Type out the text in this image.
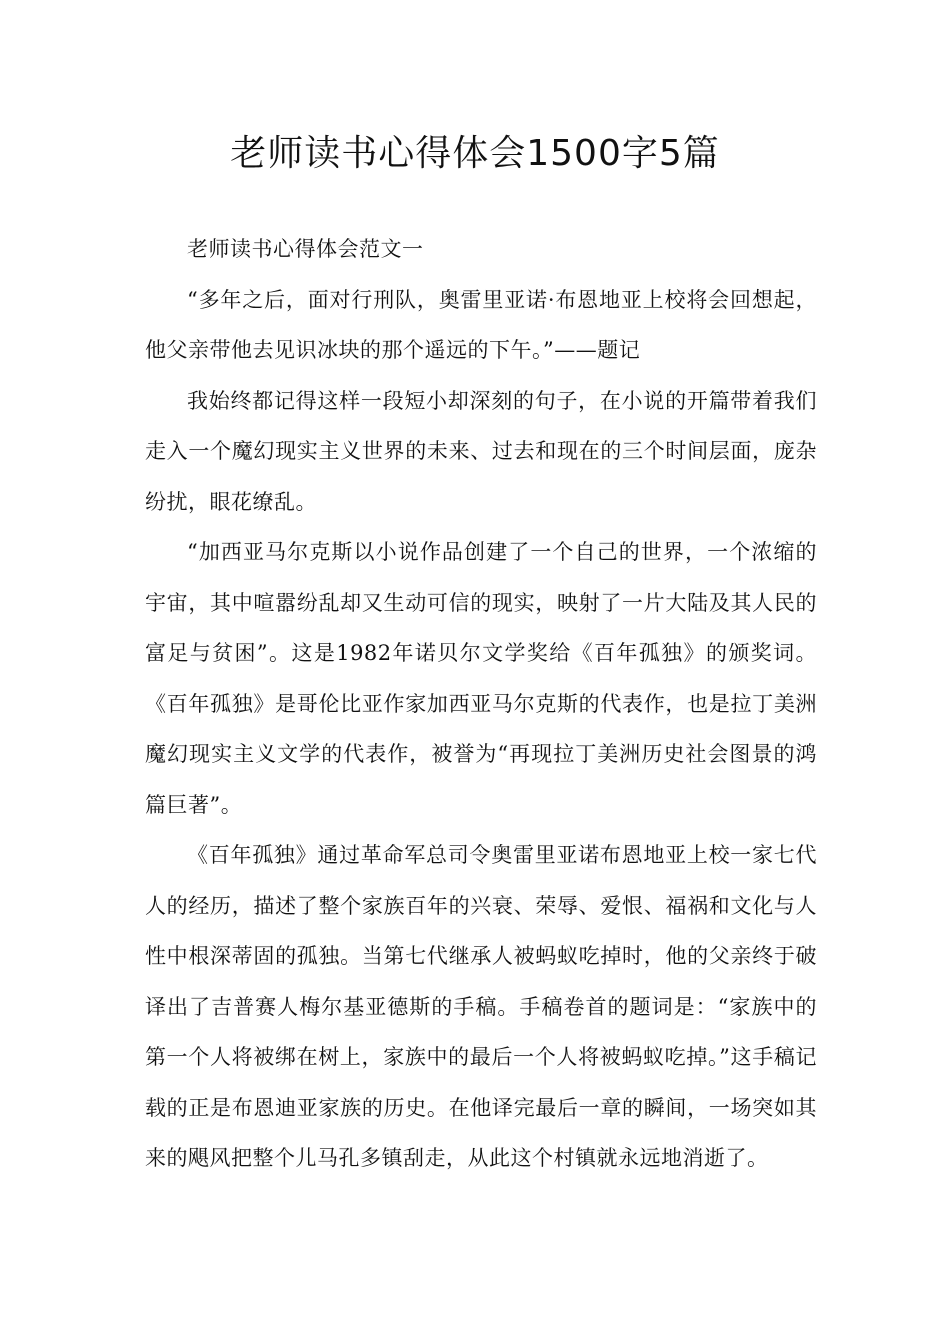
老师读书心得体会1500字5篇

老师读书心得体会范文一

“多年之后，面对行刑队，奥雷里亚诺·布恩地亚上校将会回想起，他父亲带他去见识冰块的那个遥远的下午。”——题记

我始终都记得这样一段短小却深刻的句子，在小说的开篇带着我们走入一个魔幻现实主义世界的未来、过去和现在的三个时间层面，庞杂纷扰，眼花缭乱。

“加西亚马尔克斯以小说作品创建了一个自己的世界，一个浓缩的宇宙，其中喧嚣纷乱却又生动可信的现实，映射了一片大陆及其人民的富足与贫困”。这是1982年诺贝尔文学奖给《百年孤独》的颁奖词。《百年孤独》是哥伦比亚作家加西亚马尔克斯的代表作，也是拉丁美洲魔幻现实主义文学的代表作，被誉为“再现拉丁美洲历史社会图景的鸿篇巨著”。

《百年孤独》通过革命军总司令奥雷里亚诺布恩地亚上校一家七代人的经历，描述了整个家族百年的兴衰、荣辱、爱恨、福祸和文化与人性中根深蒂固的孤独。当第七代继承人被蚂蚁吃掉时，他的父亲终于破译出了吉普赛人梅尔基亚德斯的手稿。手稿卷首的题词是：“家族中的第一个人将被绑在树上，家族中的最后一个人将被蚂蚁吃掉。”这手稿记载的正是布恩迪亚家族的历史。在他译完最后一章的瞬间，一场突如其来的飓风把整个儿马孔多镇刮走，从此这个村镇就永远地消逝了。
